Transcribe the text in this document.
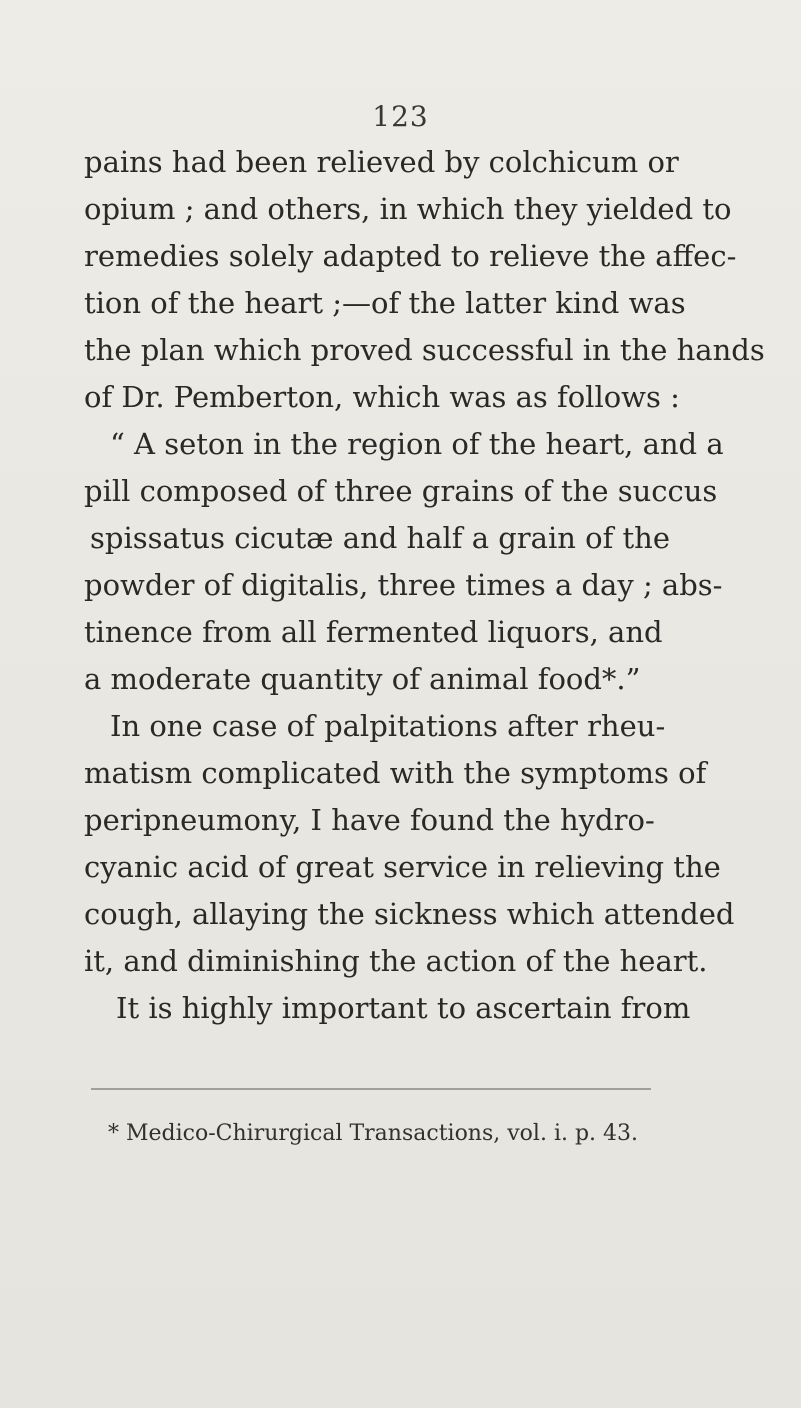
123
pains had been relieved by colchicum or
opium ; and others, in which they yielded to
remedies solely adapted to relieve the affec-
tion of the heart ;—of the latter kind was
the plan which proved successful in the hands
of Dr. Pemberton, which was as follows :
“ A seton in the region of the heart, and a
pill composed of three grains of the succus
spissatus cicutæ and half a grain of the
powder of digitalis, three times a day ; abs-
tinence from all fermented liquors, and
a moderate quantity of animal food*.”
In one case of palpitations after rheu-
matism complicated with the symptoms of
peripneumony, I have found the hydro-
cyanic acid of great service in relieving the
cough, allaying the sickness which attended
it, and diminishing the action of the heart.
It is highly important to ascertain from
* Medico-Chirurgical Transactions, vol. i. p. 43.
